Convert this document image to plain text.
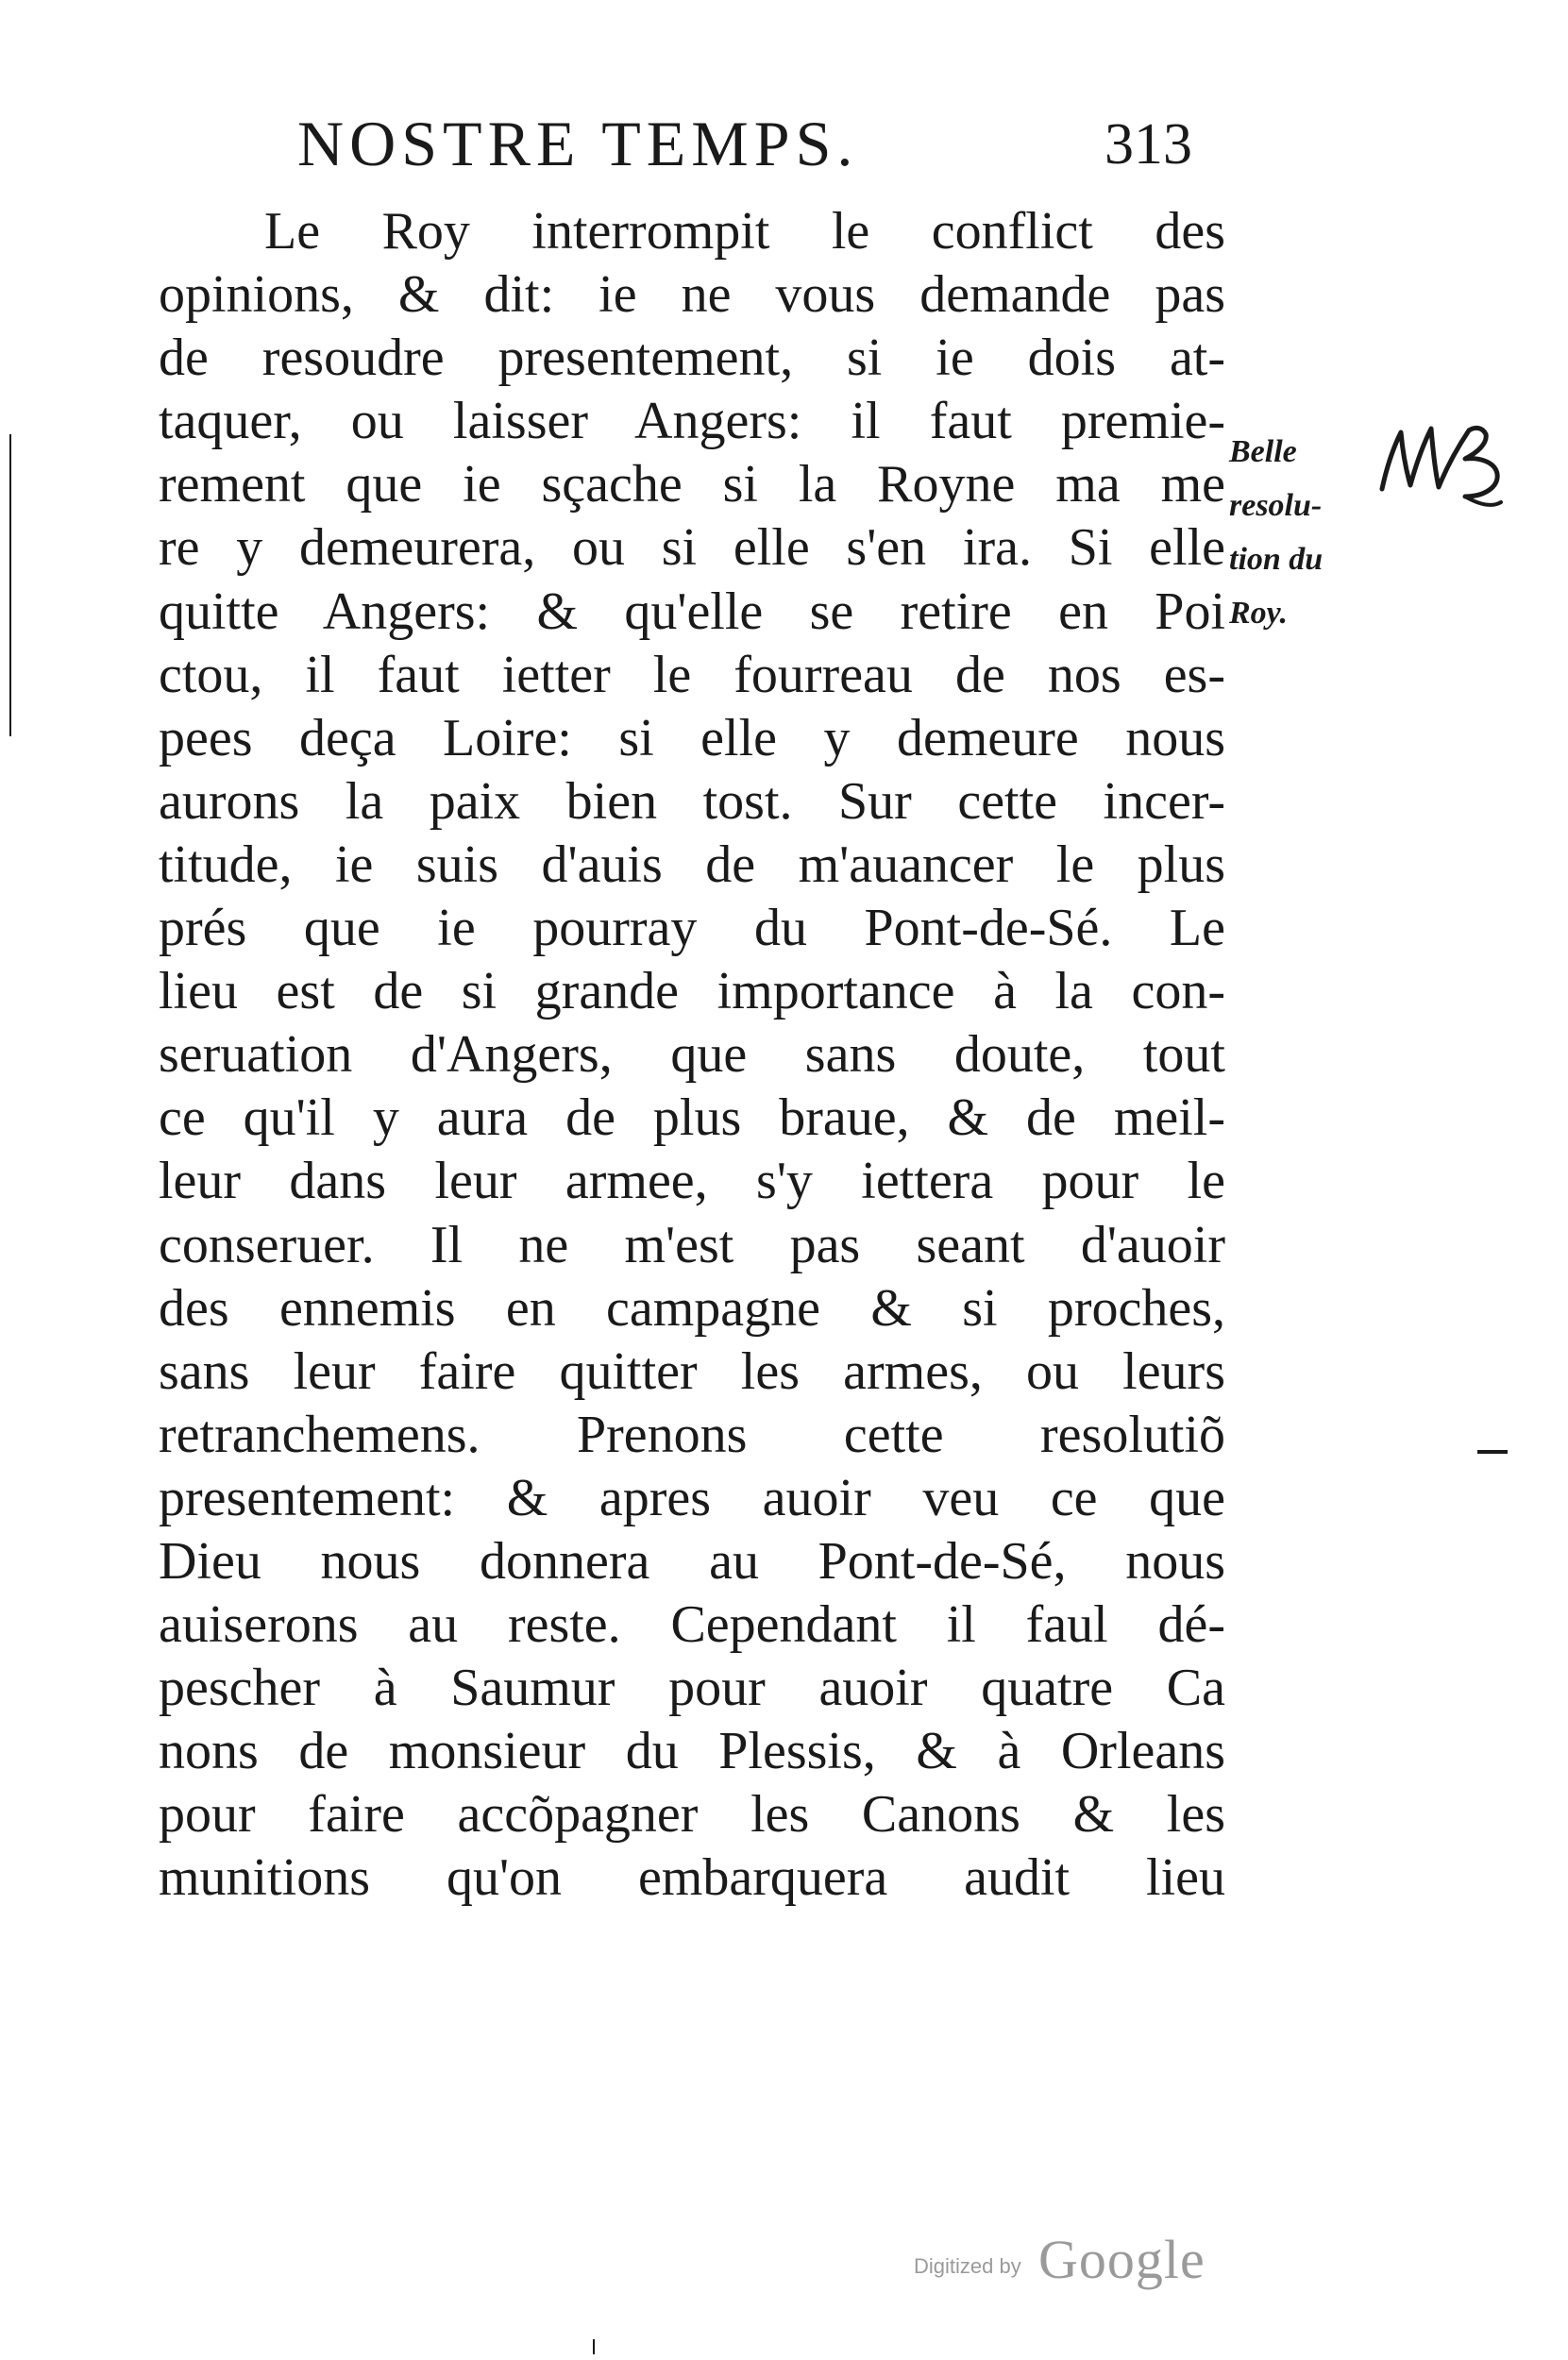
NOSTRE TEMPS.	313
Le Roy interrompit le conflict des
opinions, & dit: ie ne vous demande pas
de resoudre presentement, si ie dois at-
taquer, ou laisser Angers: il faut premie-
rement que ie sçache si la Royne ma me
re y demeurera, ou si elle s'en ira. Si elle
quitte Angers: & qu'elle se retire en Poi
ctou, il faut ietter le fourreau de nos es-
pees deça Loire: si elle y demeure nous
aurons la paix bien tost. Sur cette incer-
titude, ie suis d'auis de m'auancer le plus
prés que ie pourray du Pont-de-Sé. Le
lieu est de si grande importance à la con-
seruation d'Angers, que sans doute, tout
ce qu'il y aura de plus braue, & de meil-
leur dans leur armee, s'y iettera pour le
conseruer. Il ne m'est pas seant d'auoir
des ennemis en campagne & si proches,
sans leur faire quitter les armes, ou leurs
retranchemens. Prenons cette resolutiõ
presentement: & apres auoir veu ce que
Dieu nous donnera au Pont-de-Sé, nous
auiserons au reste. Cependant il faul dé-
pescher à Saumur pour auoir quatre Ca
nons de monsieur du Plessis, & à Orleans
pour faire accõpagner les Canons & les
munitions qu'on embarquera audit lieu
Belle
resolu-
tion du
Roy.
Digitized by Google
